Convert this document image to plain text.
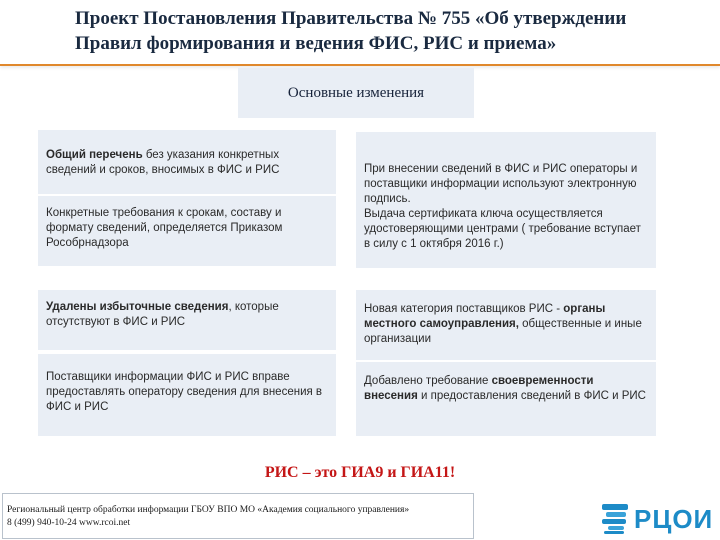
Проект Постановления Правительства № 755 «Об утверждении
Правил формирования и ведения ФИС, РИС и приема»
Основные изменения
Общий перечень без указания конкретных сведений и сроков, вносимых в ФИС и РИС
Конкретные требования к срокам, составу и формату сведений, определяется Приказом Рособрнадзора
Удалены избыточные сведения, которые отсутствуют в ФИС и РИС
Поставщики информации ФИС и РИС вправе предоставлять оператору сведения для внесения в ФИС и РИС
При внесении сведений в ФИС и РИС операторы и поставщики информации используют электронную подпись.
Выдача сертификата ключа осуществляется удостоверяющими центрами ( требование вступает в силу с 1 октября 2016 г.)
Новая категория поставщиков РИС - органы местного самоуправления, общественные и иные организации
Добавлено требование своевременности внесения и предоставления сведений в ФИС и РИС
РИС – это ГИА9 и ГИА11!
Региональный центр обработки информации ГБОУ ВПО МО «Академия социального управления»
8 (499) 940-10-24 www.rcoi.net	РЦОИ
